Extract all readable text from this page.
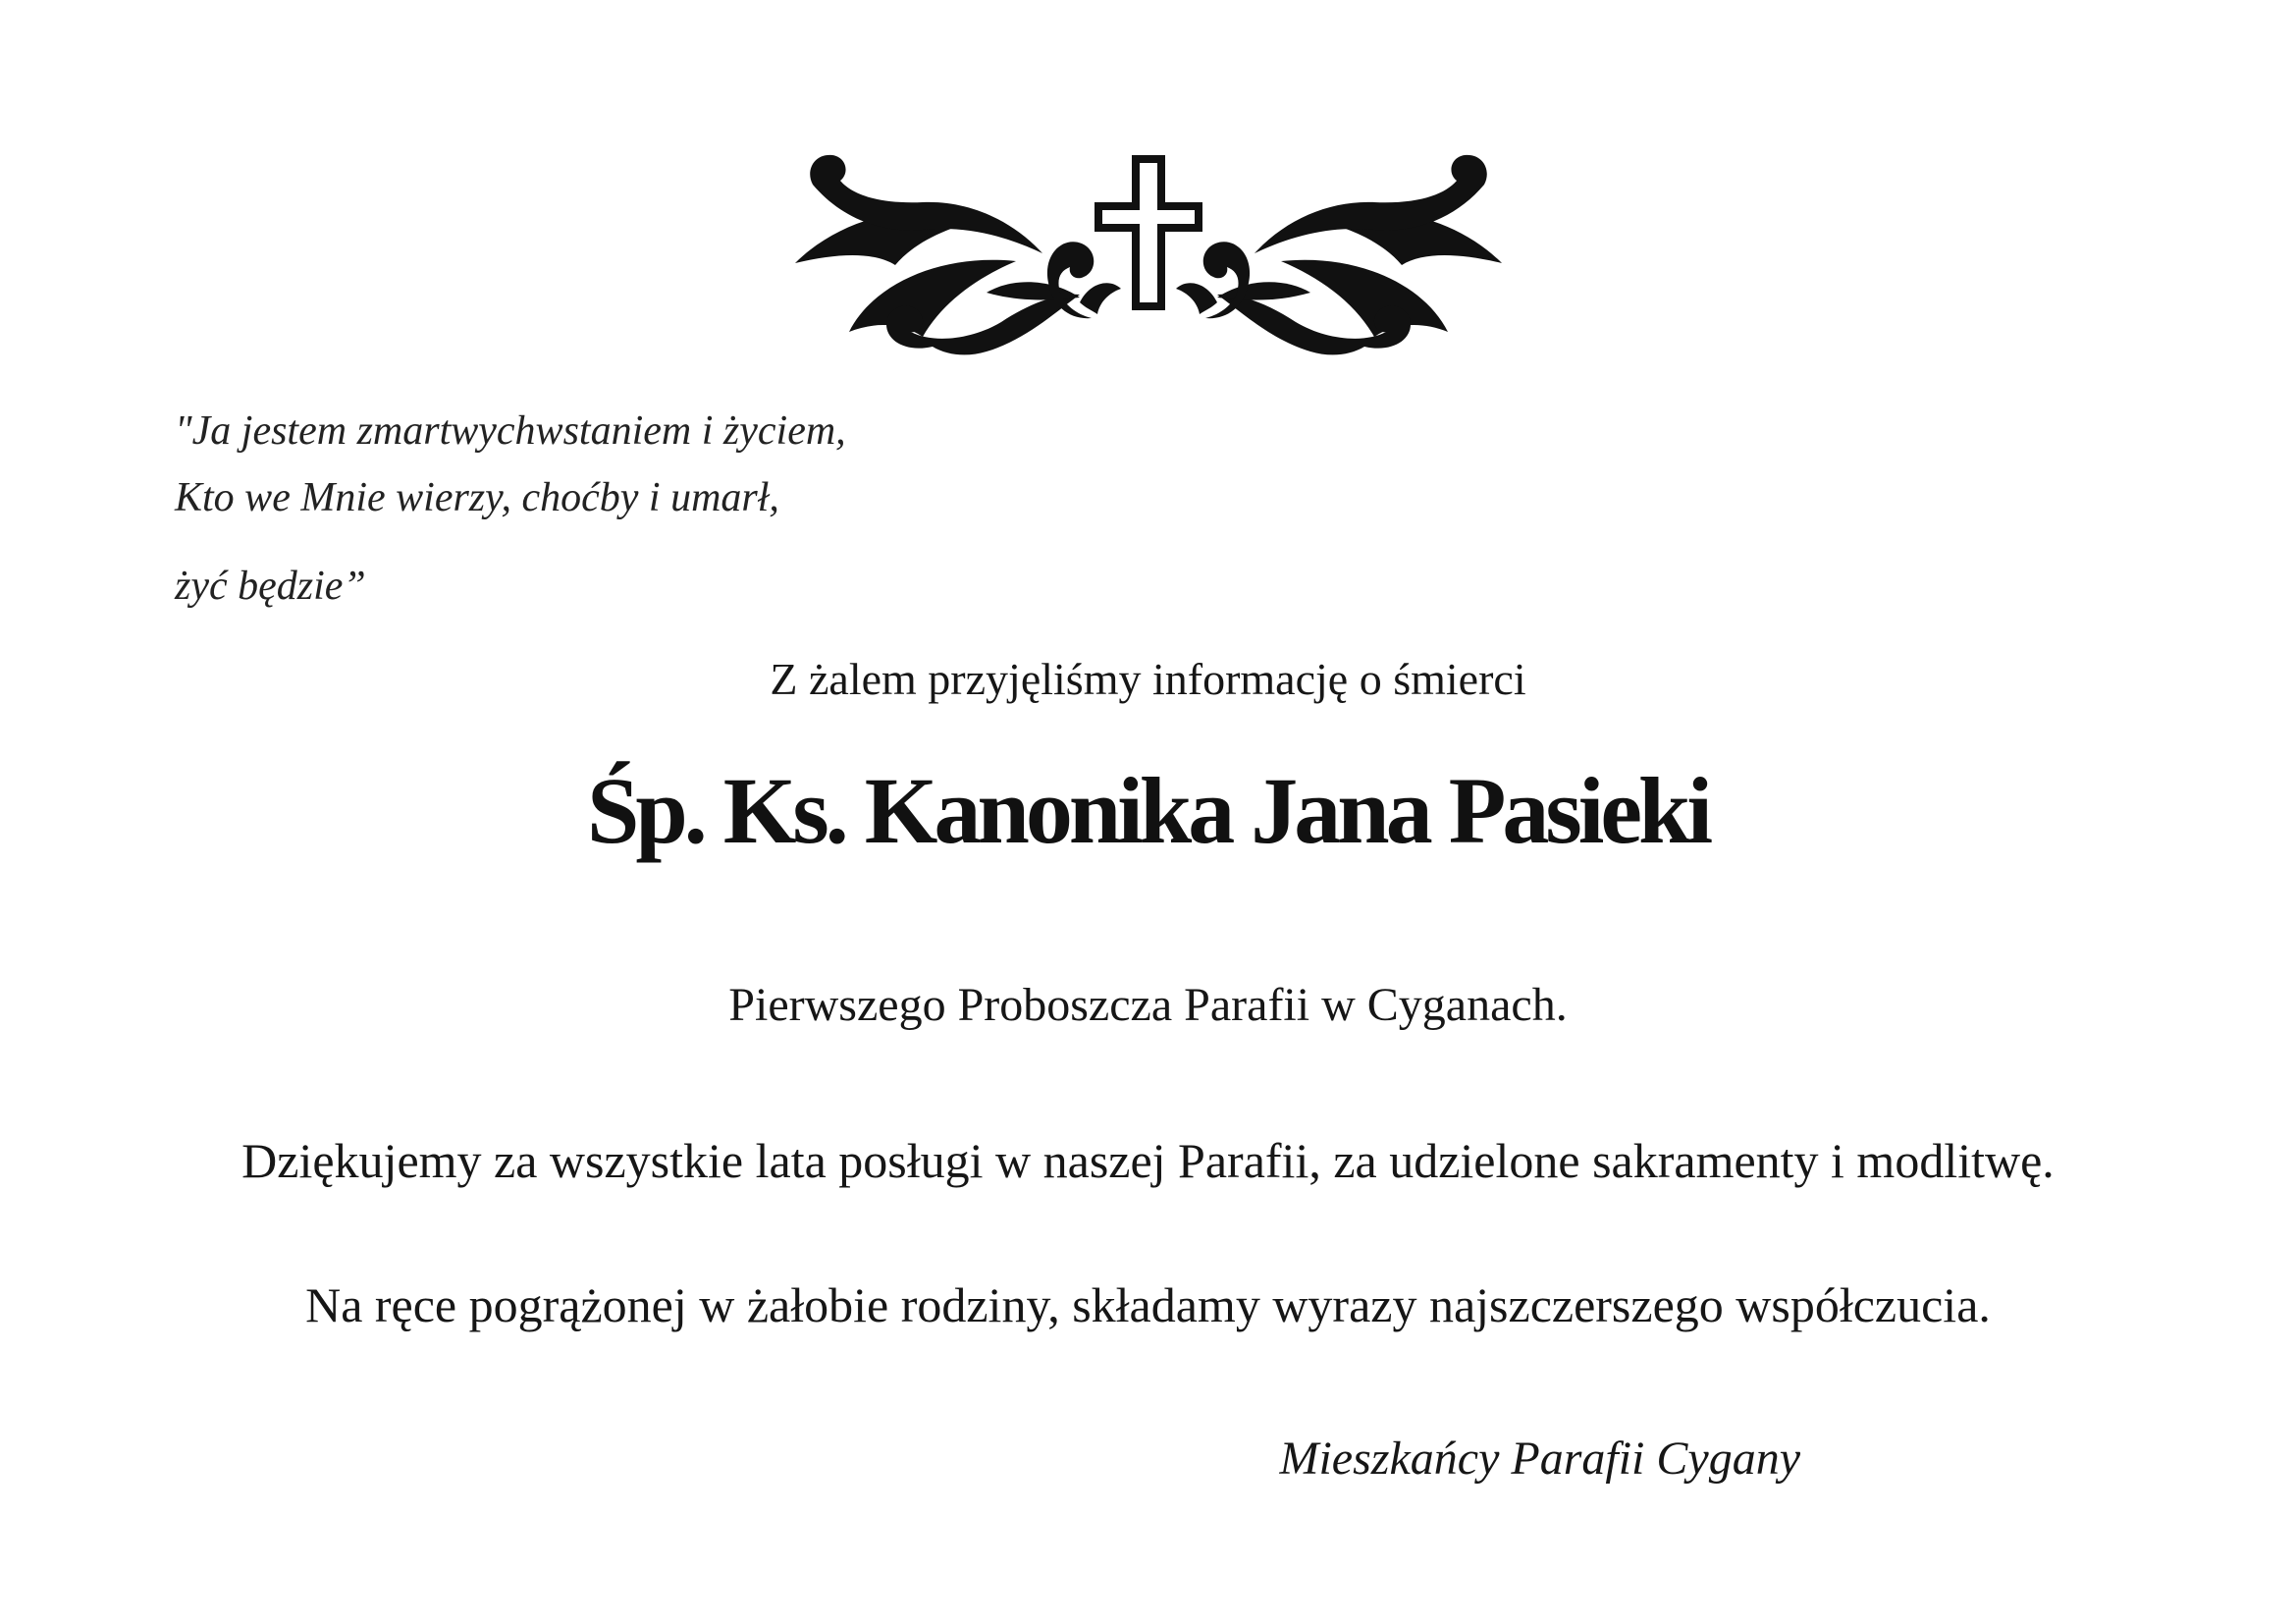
"Ja jestem zmartwychwstaniem i życiem,
Kto we Mnie wierzy, choćby i umarł,
żyć będzie”
Z żalem przyjęliśmy informację o śmierci
Śp. Ks. Kanonika Jana Pasieki
Pierwszego Proboszcza Parafii w Cyganach.
Dziękujemy za wszystkie lata posługi w naszej Parafii, za udzielone sakramenty i modlitwę.
Na ręce pogrążonej w żałobie rodziny, składamy wyrazy najszczerszego współczucia.
Mieszkańcy Parafii Cygany
